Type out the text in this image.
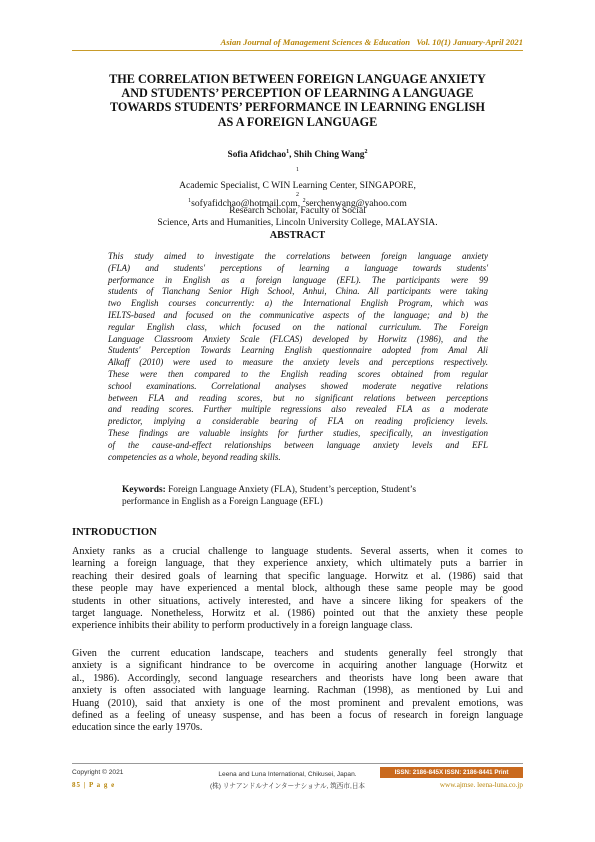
Asian Journal of Management Sciences & Education Vol. 10(1) January-April 2021
THE CORRELATION BETWEEN FOREIGN LANGUAGE ANXIETY
AND STUDENTS’ PERCEPTION OF LEARNING A LANGUAGE
TOWARDS STUDENTS’ PERFORMANCE IN LEARNING ENGLISH
AS A FOREIGN LANGUAGE
Sofia Afidchao$^1$, Shih Ching Wang$^2$
$^1$
Academic Specialist, C WIN Learning Center, SINGAPORE,
$^2$
Research Scholar, Faculty of Social
Science, Arts and Humanities, Lincoln University College, MALAYSIA.
$^1$sofyafidchao@hotmail.com, $^2$serchenwang@yahoo.com
ABSTRACT

This study aimed to investigate the correlations between foreign language anxiety
(FLA) and students' perceptions of learning a language towards students'
performance in English as a foreign language (EFL). The participants were 99
students of Tianchang Senior High School, Anhui, China. All participants were taking
two English courses concurrently: a) the International English Program, which was
IELTS-based and focused on the communicative aspects of the language; and b) the
regular English class, which focused on the national curriculum. The Foreign
Language Classroom Anxiety Scale (FLCAS) developed by Horwitz (1986), and the
Students' Perception Towards Learning English questionnaire adopted from Amal Ali
Alkaff (2010) were used to measure the anxiety levels and perceptions respectively.
These were then compared to the English reading scores obtained from regular
school examinations. Correlational analyses showed moderate negative relations
between FLA and reading scores, but no significant relations between perceptions
and reading scores. Further multiple regressions also revealed FLA as a moderate
predictor, implying a considerable bearing of FLA on reading proficiency levels.
These findings are valuable insights for further studies, specifically, an investigation
of the cause-and-effect relationships between language anxiety levels and EFL
competencies as a whole, beyond reading skills.

Keywords: Foreign Language Anxiety (FLA), Student’s perception, Student’s
performance in English as a Foreign Language (EFL)
INTRODUCTION

Anxiety ranks as a crucial challenge to language students. Several asserts, when it comes to
learning a foreign language, that they experience anxiety, which ultimately puts a barrier in
reaching their desired goals of learning that specific language. Horwitz et al. (1986) said that
these people may have experienced a mental block, although these same people may be good
students in other situations, actively interested, and have a sincere liking for speakers of the
target language. Nonetheless, Horwitz et al. (1986) pointed out that the anxiety these people
experience inhibits their ability to perform productively in a foreign language class.

Given the current education landscape, teachers and students generally feel strongly that
anxiety is a significant hindrance to be overcome in acquiring another language (Horwitz et
al., 1986). Accordingly, second language researchers and theorists have long been aware that
anxiety is often associated with language learning. Rachman (1998), as mentioned by Lui and
Huang (2010), said that anxiety is one of the most prominent and prevalent emotions, was
defined as a feeling of uneasy suspense, and has been a focus of research in foreign language
education since the early 1970s.

Copyright © 2021
85 | P a g e
Leena and Luna International, Chikusei, Japan.
(株) リナアンドルナインターナショナル, 筑西市,日本
ISSN: 2186-845X ISSN: 2186-8441 Print
www.ajmse. leena-luna.co.jp
